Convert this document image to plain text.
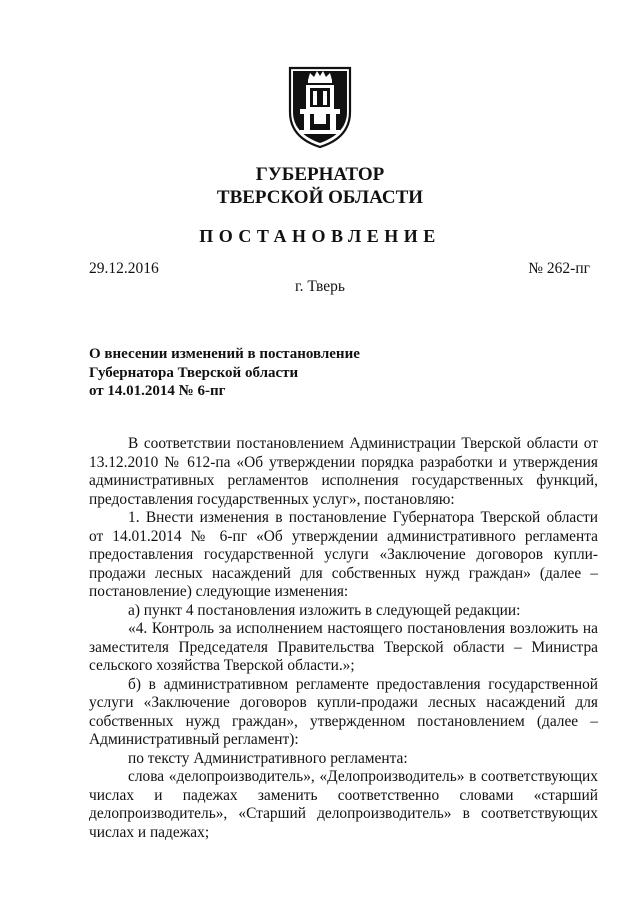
ГУБЕРНАТОР
ТВЕРСКОЙ ОБЛАСТИ
ПОСТАНОВЛЕНИЕ
29.12.2016	№ 262-пг
г. Тверь
О внесении изменений в постановление
Губернатора Тверской области
от 14.01.2014 № 6-пг

В соответствии постановлением Администрации Тверской области от 13.12.2010 № 612-па «Об утверждении порядка разработки и утверждения административных регламентов исполнения государственных функций, предоставления государственных услуг», постановляю:

1. Внести изменения в постановление Губернатора Тверской области от 14.01.2014 № 6-пг «Об утверждении административного регламента предоставления государственной услуги «Заключение договоров купли-продажи лесных насаждений для собственных нужд граждан» (далее – постановление) следующие изменения:

а) пункт 4 постановления изложить в следующей редакции:

«4. Контроль за исполнением настоящего постановления возложить на заместителя Председателя Правительства Тверской области – Министра сельского хозяйства Тверской области.»;

б) в административном регламенте предоставления государственной услуги «Заключение договоров купли-продажи лесных насаждений для собственных нужд граждан», утвержденном постановлением (далее – Административный регламент):

по тексту Административного регламента:

слова «делопроизводитель», «Делопроизводитель» в соответствующих числах и падежах заменить соответственно словами «старший делопроизводитель», «Старший делопроизводитель» в соответствующих числах и падежах;
